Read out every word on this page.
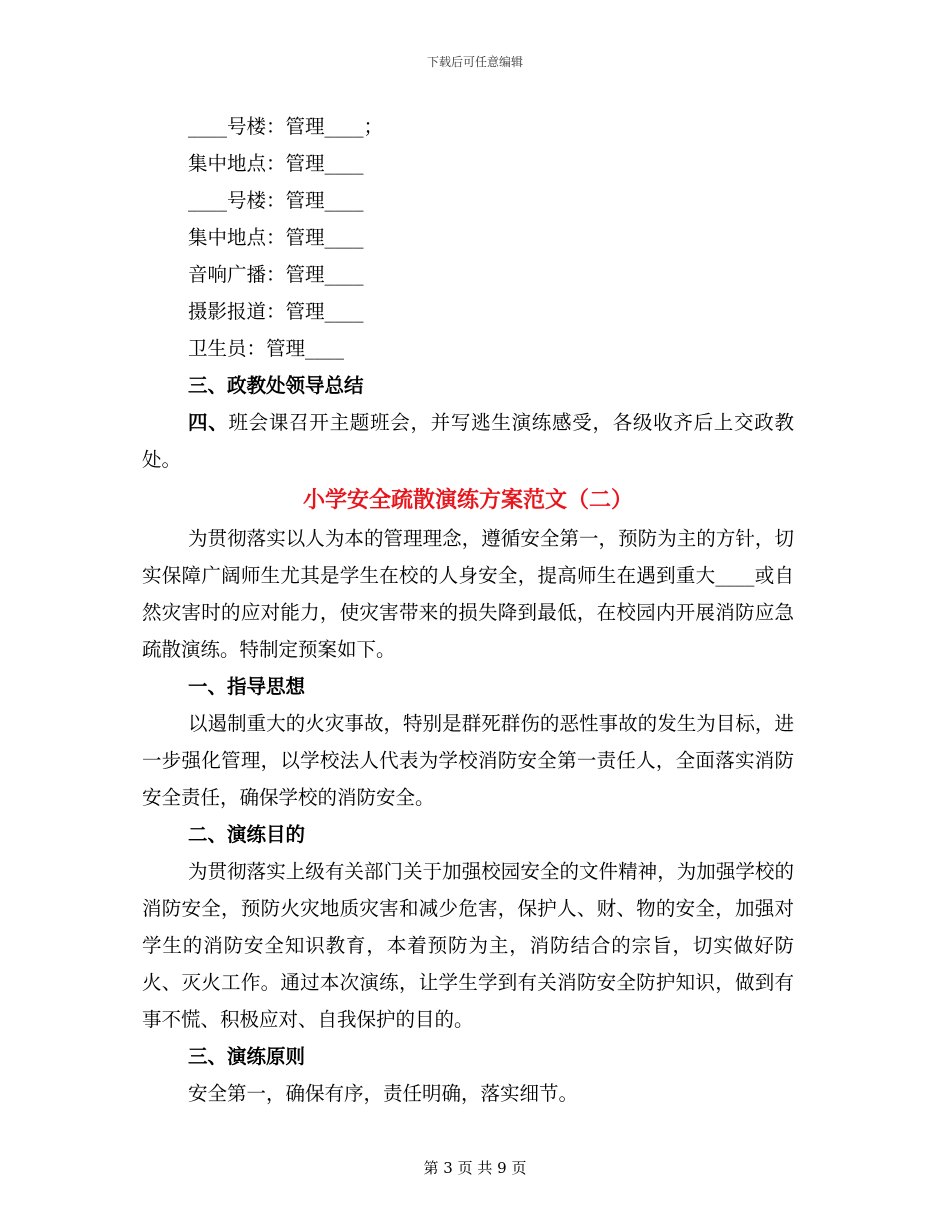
下载后可任意编辑
____号楼：管理____；
集中地点：管理____
____号楼：管理____
集中地点：管理____
音响广播：管理____
摄影报道：管理____
卫生员：管理____
三、政教处领导总结

四、班会课召开主题班会，并写逃生演练感受，各级收齐后上交政教处。

小学安全疏散演练方案范文（二）

为贯彻落实以人为本的管理理念，遵循安全第一，预防为主的方针，切实保障广阔师生尤其是学生在校的人身安全，提高师生在遇到重大____或自然灾害时的应对能力，使灾害带来的损失降到最低，在校园内开展消防应急疏散演练。特制定预案如下。

一、指导思想

以遏制重大的火灾事故，特别是群死群伤的恶性事故的发生为目标，进一步强化管理，以学校法人代表为学校消防安全第一责任人，全面落实消防安全责任，确保学校的消防安全。

二、演练目的

为贯彻落实上级有关部门关于加强校园安全的文件精神，为加强学校的消防安全，预防火灾地质灾害和减少危害，保护人、财、物的安全，加强对学生的消防安全知识教育，本着预防为主，消防结合的宗旨，切实做好防火、灭火工作。通过本次演练，让学生学到有关消防安全防护知识，做到有事不慌、积极应对、自我保护的目的。

三、演练原则

安全第一，确保有序，责任明确，落实细节。

第 3 页 共 9 页
